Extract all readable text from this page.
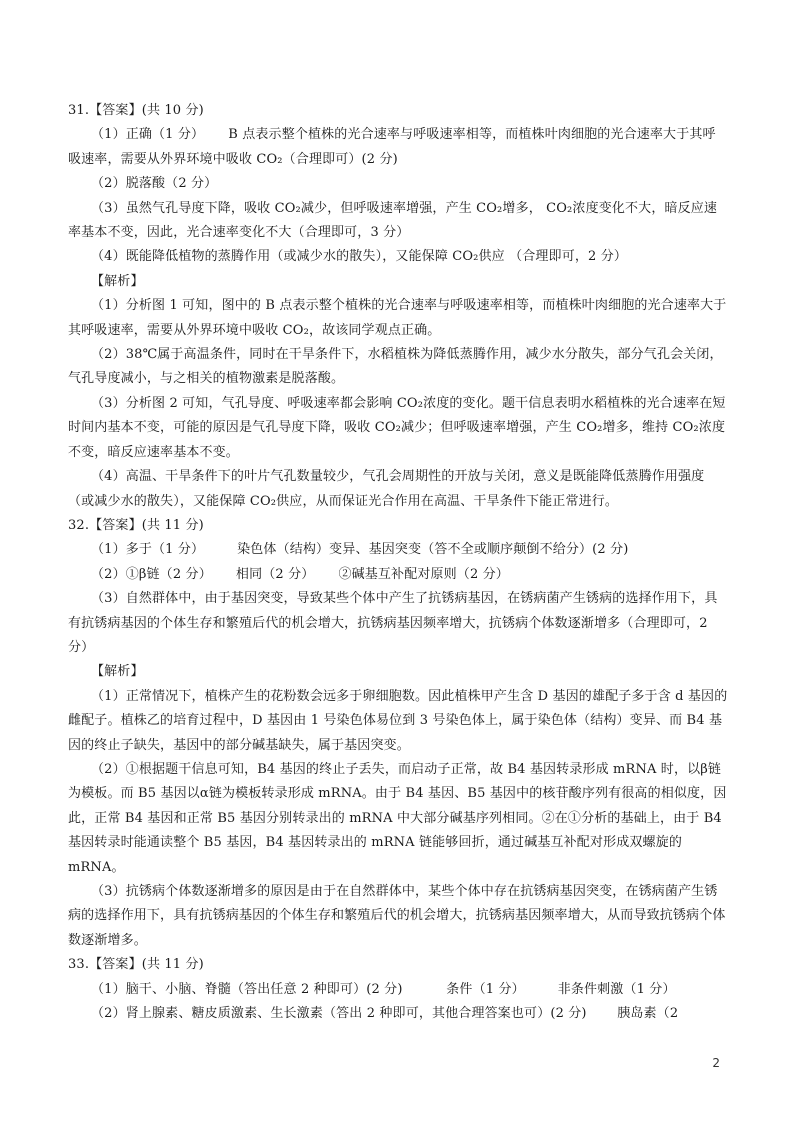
31.【答案】(共 10 分)

（1）正确（1 分）　　 B 点表示整个植株的光合速率与呼吸速率相等，而植株叶肉细胞的光合速率大于其呼吸速率，需要从外界环境中吸收 CO₂（合理即可）(2 分)

（2）脱落酸（2 分）

（3）虽然气孔导度下降，吸收 CO₂减少，但呼吸速率增强，产生 CO₂增多， CO₂浓度变化不大，暗反应速率基本不变，因此，光合速率变化不大（合理即可，3 分）

（4）既能降低植物的蒸腾作用（或减少水的散失），又能保障 CO₂供应 （合理即可，2 分）

【解析】

（1）分析图 1 可知，图中的 B 点表示整个植株的光合速率与呼吸速率相等，而植株叶肉细胞的光合速率大于其呼吸速率，需要从外界环境中吸收 CO₂，故该同学观点正确。

（2）38℃属于高温条件，同时在干旱条件下，水稻植株为降低蒸腾作用，减少水分散失，部分气孔会关闭，气孔导度减小，与之相关的植物激素是脱落酸。

（3）分析图 2 可知，气孔导度、呼吸速率都会影响 CO₂浓度的变化。题干信息表明水稻植株的光合速率在短时间内基本不变，可能的原因是气孔导度下降，吸收 CO₂减少；但呼吸速率增强，产生 CO₂增多，维持 CO₂浓度不变，暗反应速率基本不变。

（4）高温、干旱条件下的叶片气孔数量较少，气孔会周期性的开放与关闭，意义是既能降低蒸腾作用强度（或减少水的散失），又能保障 CO₂供应，从而保证光合作用在高温、干旱条件下能正常进行。

32.【答案】(共 11 分)

（1）多于（1 分）　　　染色体（结构）变异、基因突变（答不全或顺序颠倒不给分）(2 分)

（2）①β链（2 分）　　 相同（2 分）　　 ②碱基互补配对原则（2 分）

（3）自然群体中，由于基因突变，导致某些个体中产生了抗锈病基因，在锈病菌产生锈病的选择作用下，具有抗锈病基因的个体生存和繁殖后代的机会增大，抗锈病基因频率增大，抗锈病个体数逐渐增多（合理即可，2 分）

【解析】

（1）正常情况下，植株产生的花粉数会远多于卵细胞数。因此植株甲产生含 D 基因的雄配子多于含 d 基因的雌配子。植株乙的培育过程中，D 基因由 1 号染色体易位到 3 号染色体上，属于染色体（结构）变异、而 B4 基因的终止子缺失，基因中的部分碱基缺失，属于基因突变。

（2）①根据题干信息可知，B4 基因的终止子丢失，而启动子正常，故 B4 基因转录形成 mRNA 时，以β链为模板。而 B5 基因以α链为模板转录形成 mRNA。由于 B4 基因、B5 基因中的核苷酸序列有很高的相似度，因此，正常 B4 基因和正常 B5 基因分别转录出的 mRNA 中大部分碱基序列相同。②在①分析的基础上，由于 B4 基因转录时能通读整个 B5 基因，B4 基因转录出的 mRNA 链能够回折，通过碱基互补配对形成双螺旋的 mRNA。

（3）抗锈病个体数逐渐增多的原因是由于在自然群体中，某些个体中存在抗锈病基因突变，在锈病菌产生锈病的选择作用下，具有抗锈病基因的个体生存和繁殖后代的机会增大，抗锈病基因频率增大，从而导致抗锈病个体数逐渐增多。

33.【答案】(共 11 分)

（1）脑干、小脑、脊髓（答出任意 2 种即可）(2 分)　　　 条件（1 分）　　　非条件刺激（1 分）

（2）肾上腺素、糖皮质激素、生长激素（答出 2 种即可，其他合理答案也可）(2 分)　　 胰岛素（2

2
